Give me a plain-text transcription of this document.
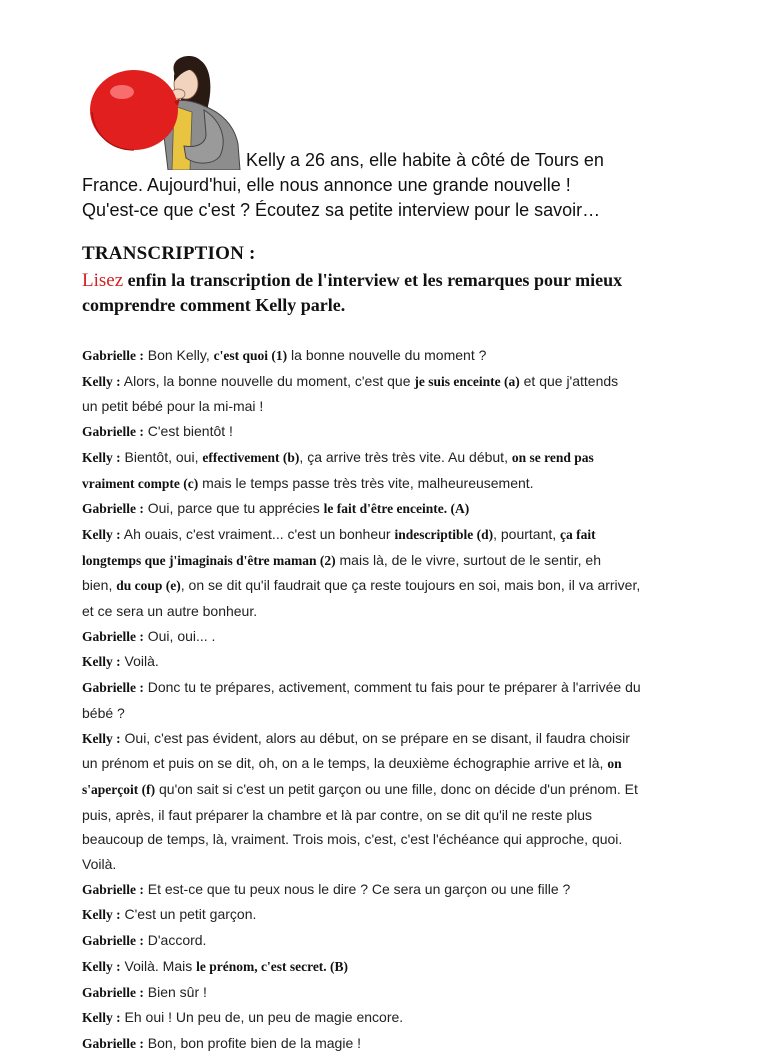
Kelly a 26 ans, elle habite à côté de Tours en
France. Aujourd'hui, elle nous annonce une grande nouvelle !
Qu'est-ce que c'est ? Écoutez sa petite interview pour le savoir…
TRANSCRIPTION :
Lisez enfin la transcription de l'interview et les remarques pour mieux
comprendre comment Kelly parle.

Gabrielle : Bon Kelly, c'est quoi (1) la bonne nouvelle du moment ?

Kelly : Alors, la bonne nouvelle du moment, c'est que je suis enceinte (a) et que j'attends
un petit bébé pour la mi-mai !

Gabrielle : C'est bientôt !

Kelly : Bientôt, oui, effectivement (b), ça arrive très très vite. Au début, on se rend pas
vraiment compte (c) mais le temps passe très très vite, malheureusement.

Gabrielle : Oui, parce que tu apprécies le fait d'être enceinte. (A)

Kelly : Ah ouais, c'est vraiment... c'est un bonheur indescriptible (d), pourtant, ça fait
longtemps que j'imaginais d'être maman (2) mais là, de le vivre, surtout de le sentir, eh
bien, du coup (e), on se dit qu'il faudrait que ça reste toujours en soi, mais bon, il va arriver,
et ce sera un autre bonheur.

Gabrielle : Oui, oui... .

Kelly : Voilà.

Gabrielle : Donc tu te prépares, activement, comment tu fais pour te préparer à l'arrivée du
bébé ?

Kelly : Oui, c'est pas évident, alors au début, on se prépare en se disant, il faudra choisir
un prénom et puis on se dit, oh, on a le temps, la deuxième échographie arrive et là, on
s'aperçoit (f) qu'on sait si c'est un petit garçon ou une fille, donc on décide d'un prénom. Et
puis, après, il faut préparer la chambre et là par contre, on se dit qu'il ne reste plus
beaucoup de temps, là, vraiment. Trois mois, c'est, c'est l'échéance qui approche, quoi.
Voilà.

Gabrielle : Et est-ce que tu peux nous le dire ? Ce sera un garçon ou une fille ?

Kelly : C'est un petit garçon.

Gabrielle : D'accord.

Kelly : Voilà. Mais le prénom, c'est secret. (B)

Gabrielle : Bien sûr !

Kelly : Eh oui ! Un peu de, un peu de magie encore.

Gabrielle : Bon, bon profite bien de la magie !
